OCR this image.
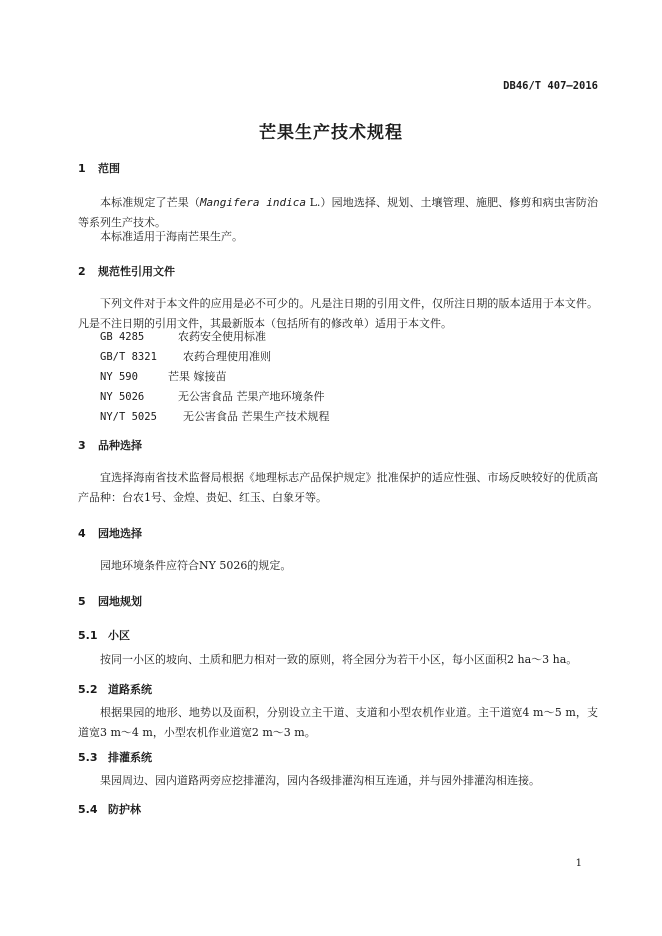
DB46/T 407—2016
芒果生产技术规程
1 范围

本标准规定了芒果（Mangifera indica L.）园地选择、规划、土壤管理、施肥、修剪和病虫害防治等系列生产技术。

本标准适用于海南芒果生产。

2 规范性引用文件

下列文件对于本文件的应用是必不可少的。凡是注日期的引用文件，仅所注日期的版本适用于本文件。凡是不注日期的引用文件，其最新版本（包括所有的修改单）适用于本文件。

GB 4285	农药安全使用标准
GB/T 8321 农药合理使用准则
NY 590	芒果 嫁接苗
NY 5026	无公害食品 芒果产地环境条件
NY/T 5025 无公害食品 芒果生产技术规程
3 品种选择

宜选择海南省技术监督局根据《地理标志产品保护规定》批准保护的适应性强、市场反映较好的优质高产品种：台农1号、金煌、贵妃、红玉、白象牙等。

4 园地选择

园地环境条件应符合NY 5026的规定。

5 园地规划
5.1 小区

按同一小区的坡向、土质和肥力相对一致的原则，将全园分为若干小区，每小区面积2 ha～3 ha。

5.2 道路系统

根据果园的地形、地势以及面积，分别设立主干道、支道和小型农机作业道。主干道宽4 m～5 m，支道宽3 m～4 m，小型农机作业道宽2 m～3 m。

5.3 排灌系统

果园周边、园内道路两旁应挖排灌沟，园内各级排灌沟相互连通，并与园外排灌沟相连接。

5.4 防护林
1
